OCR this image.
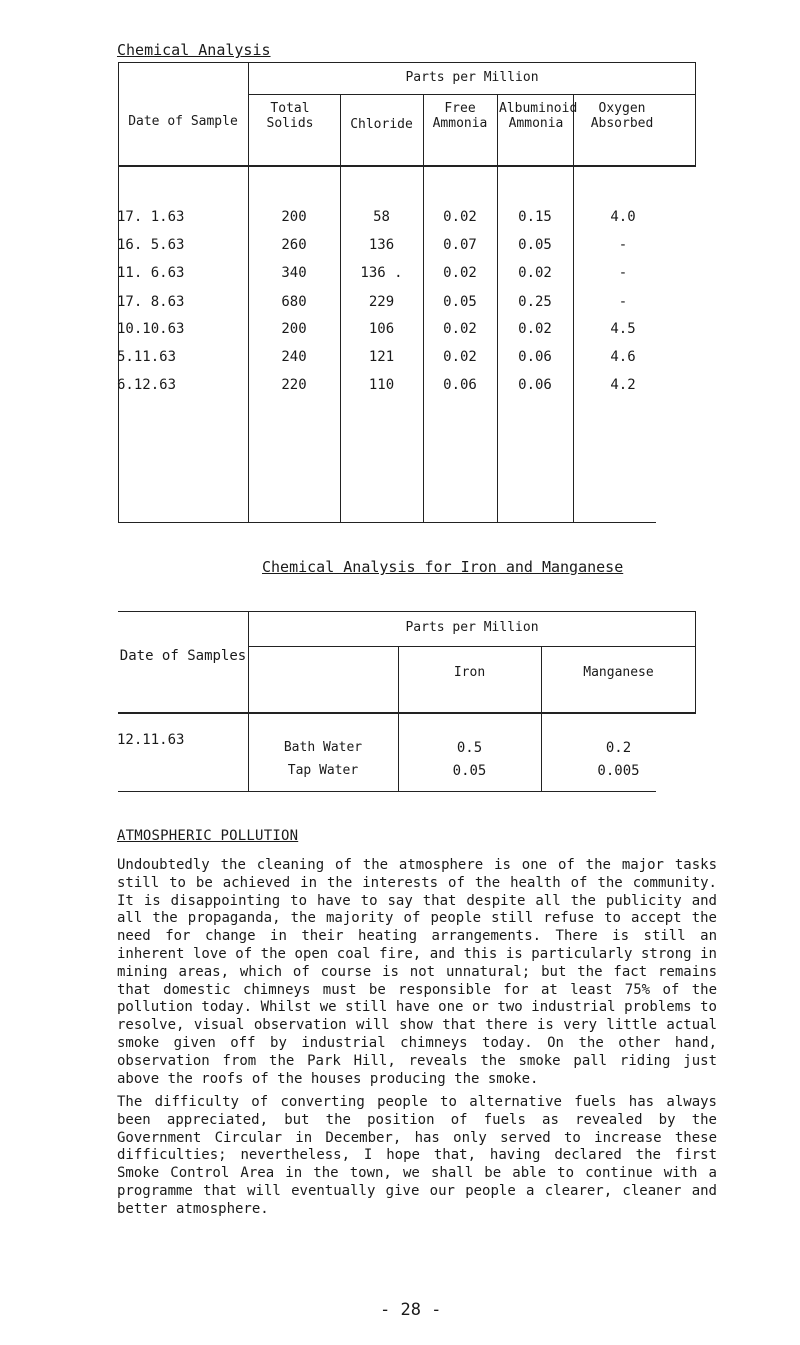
Chemical Analysis
Date of Sample
Parts per Million
Total Solids	Chloride
Free Ammonia
Albuminoid Ammonia
Oxygen Absorbed
17. 1.63	200	58	0.02	0.15	4.0
16. 5.63	260	136	0.07	0.05	-
11. 6.63	340	136 .	0.02	0.02	-
17. 8.63	680	229	0.05	0.25	-
10.10.63	200	106	0.02	0.02	4.5
5.11.63	240	121	0.02	0.06	4.6
6.12.63	220	110	0.06	0.06	4.2
Chemical Analysis for Iron and Manganese
Date of Samples
Parts per Million
Iron	Manganese
12.11.63	Bath Water	0.5	0.2
Tap Water	0.05	0.005
ATMOSPHERIC POLLUTION
Undoubtedly the cleaning of the atmosphere is one of the major tasks still to be achieved in the interests of the health of the community. It is disappointing to have to say that despite all the publicity and all the propaganda, the majority of people still refuse to accept the need for change in their heating arrangements. There is still an inherent love of the open coal fire, and this is particularly strong in mining areas, which of course is not unnatural; but the fact remains that domestic chimneys must be responsible for at least 75% of the pollution today. Whilst we still have one or two industrial problems to resolve, visual observation will show that there is very little actual smoke given off by industrial chimneys today. On the other hand, observation from the Park Hill, reveals the smoke pall riding just above the roofs of the houses producing the smoke.
The difficulty of converting people to alternative fuels has always been appreciated, but the position of fuels as revealed by the Government Circular in December, has only served to increase these difficulties; nevertheless, I hope that, having declared the first Smoke Control Area in the town, we shall be able to continue with a programme that will eventually give our people a clearer, cleaner and better atmosphere.
- 28 -
